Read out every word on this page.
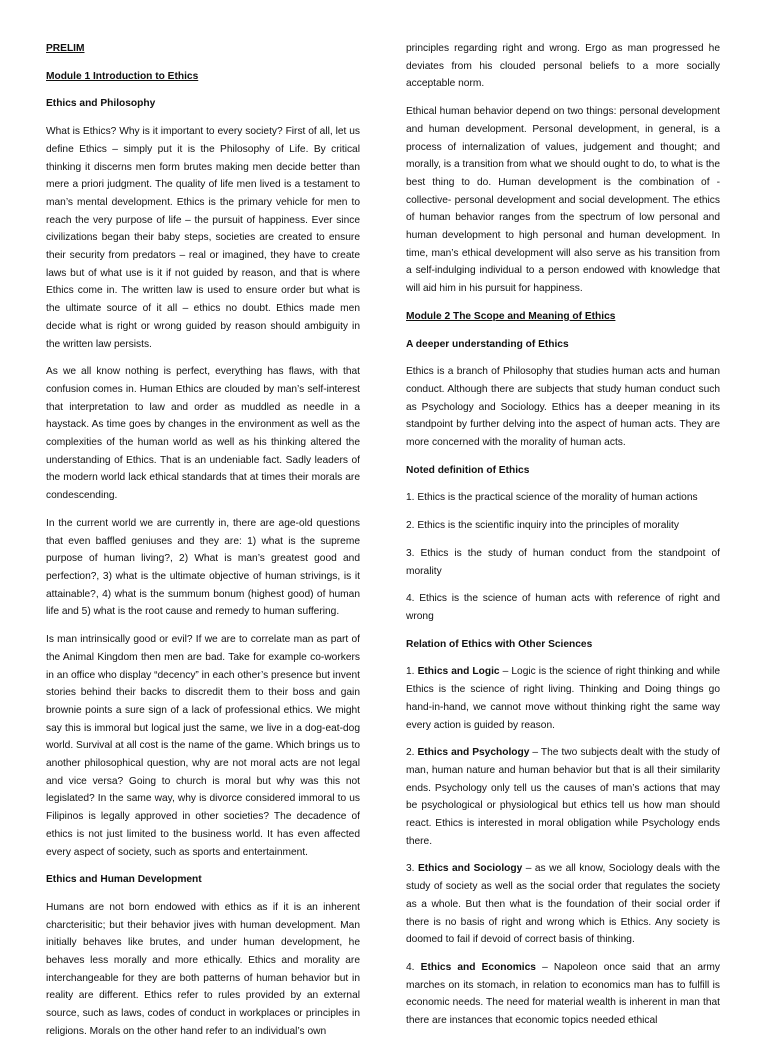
PRELIM
Module 1 Introduction to Ethics
Ethics and Philosophy

What is Ethics? Why is it important to every society? First of all, let us define Ethics – simply put it is the Philosophy of Life. By critical thinking it discerns men form brutes making men decide better than mere a priori judgment. The quality of life men lived is a testament to man’s mental development. Ethics is the primary vehicle for men to reach the very purpose of life – the pursuit of happiness. Ever since civilizations began their baby steps, societies are created to ensure their security from predators – real or imagined, they have to create laws but of what use is it if not guided by reason, and that is where Ethics come in. The written law is used to ensure order but what is the ultimate source of it all – ethics no doubt. Ethics made men decide what is right or wrong guided by reason should ambiguity in the written law persists.

As we all know nothing is perfect, everything has flaws, with that confusion comes in. Human Ethics are clouded by man’s self-interest that interpretation to law and order as muddled as needle in a haystack. As time goes by changes in the environment as well as the complexities of the human world as well as his thinking altered the understanding of Ethics. That is an undeniable fact. Sadly leaders of the modern world lack ethical standards that at times their morals are condescending.

In the current world we are currently in, there are age-old questions that even baffled geniuses and they are: 1) what is the supreme purpose of human living?, 2) What is man’s greatest good and perfection?, 3) what is the ultimate objective of human strivings, is it attainable?, 4) what is the summum bonum (highest good) of human life and 5) what is the root cause and remedy to human suffering.

Is man intrinsically good or evil? If we are to correlate man as part of the Animal Kingdom then men are bad. Take for example co-workers in an office who display “decency” in each other’s presence but invent stories behind their backs to discredit them to their boss and gain brownie points a sure sign of a lack of professional ethics. We might say this is immoral but logical just the same, we live in a dog-eat-dog world. Survival at all cost is the name of the game. Which brings us to another philosophical question, why are not moral acts are not legal and vice versa? Going to church is moral but why was this not legislated? In the same way, why is divorce considered immoral to us Filipinos is legally approved in other societies? The decadence of ethics is not just limited to the business world. It has even affected every aspect of society, such as sports and entertainment.

Ethics and Human Development

Humans are not born endowed with ethics as if it is an inherent charcterisitic; but their behavior jives with human development. Man initially behaves like brutes, and under human development, he behaves less morally and more ethically. Ethics and morality are interchangeable for they are both patterns of human behavior but in reality are different. Ethics refer to rules provided by an external source, such as laws, codes of conduct in workplaces or principles in religions. Morals on the other hand refer to an individual’s own

principles regarding right and wrong. Ergo as man progressed he deviates from his clouded personal beliefs to a more socially acceptable norm.

Ethical human behavior depend on two things: personal development and human development. Personal development, in general, is a process of internalization of values, judgement and thought; and morally, is a transition from what we should ought to do, to what is the best thing to do. Human development is the combination of -collective- personal development and social development. The ethics of human behavior ranges from the spectrum of low personal and human development to high personal and human development. In time, man’s ethical development will also serve as his transition from a self-indulging individual to a person endowed with knowledge that will aid him in his pursuit for happiness.

Module 2 The Scope and Meaning of Ethics
A deeper understanding of Ethics

Ethics is a branch of Philosophy that studies human acts and human conduct. Although there are subjects that study human conduct such as Psychology and Sociology. Ethics has a deeper meaning in its standpoint by further delving into the aspect of human acts. They are more concerned with the morality of human acts.

Noted definition of Ethics
1. Ethics is the practical science of the morality of human actions
2. Ethics is the scientific inquiry into the principles of morality
3. Ethics is the study of human conduct from the standpoint of morality
4. Ethics is the science of human acts with reference of right and wrong
Relation of Ethics with Other Sciences
1. Ethics and Logic – Logic is the science of right thinking and while Ethics is the science of right living. Thinking and Doing things go hand-in-hand, we cannot move without thinking right the same way every action is guided by reason.
2. Ethics and Psychology – The two subjects dealt with the study of man, human nature and human behavior but that is all their similarity ends. Psychology only tell us the causes of man’s actions that may be psychological or physiological but ethics tell us how man should react. Ethics is interested in moral obligation while Psychology ends there.
3. Ethics and Sociology – as we all know, Sociology deals with the study of society as well as the social order that regulates the society as a whole. But then what is the foundation of their social order if there is no basis of right and wrong which is Ethics. Any society is doomed to fail if devoid of correct basis of thinking.
4. Ethics and Economics – Napoleon once said that an army marches on its stomach, in relation to economics man has to fulfill is economic needs. The need for material wealth is inherent in man that there are instances that economic topics needed ethical
